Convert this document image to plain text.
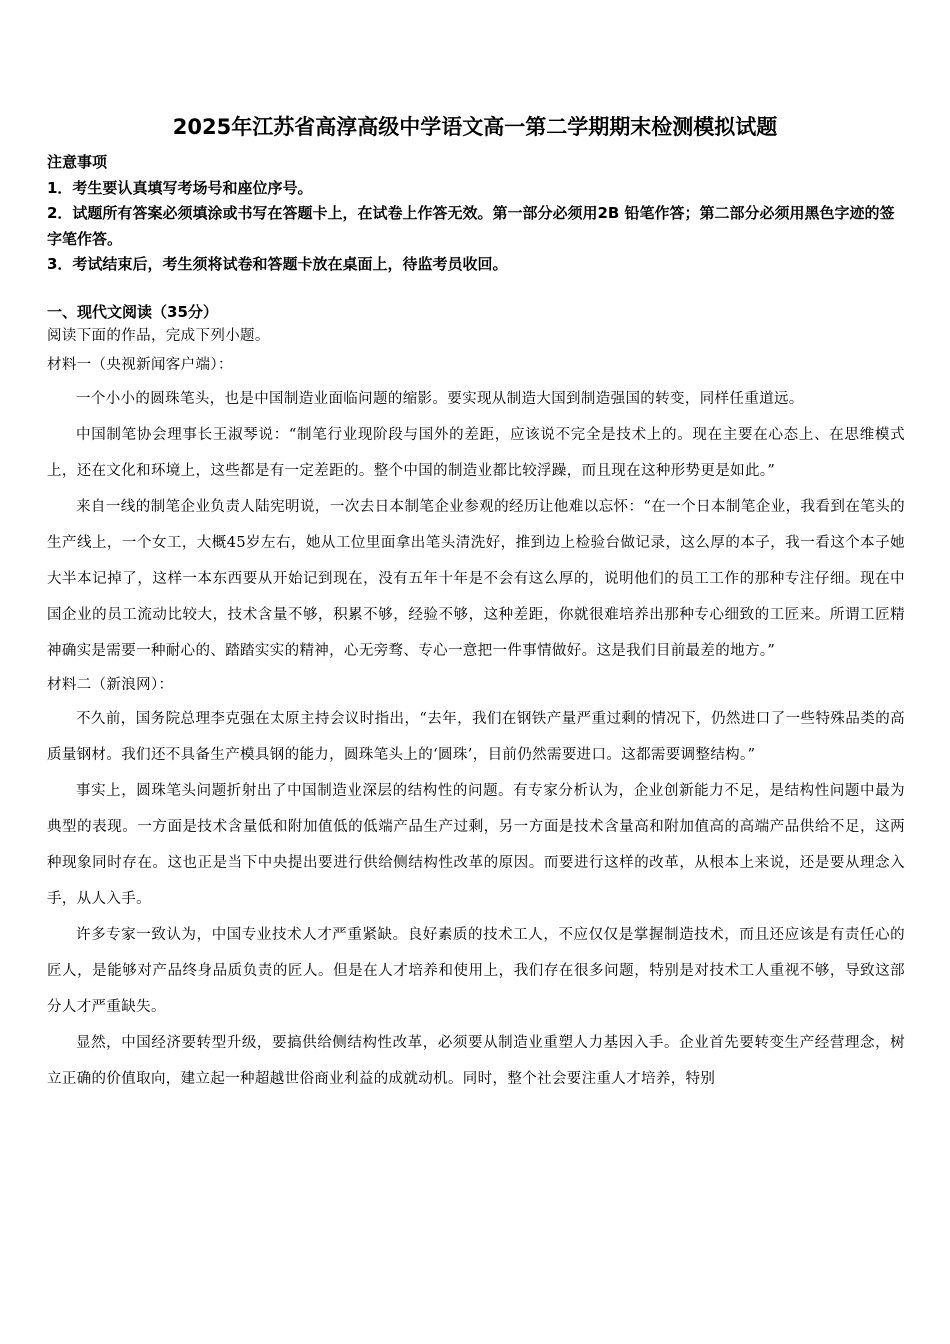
2025年江苏省高淳高级中学语文高一第二学期期末检测模拟试题

注意事项

1．考生要认真填写考场号和座位序号。

2．试题所有答案必须填涂或书写在答题卡上，在试卷上作答无效。第一部分必须用2B 铅笔作答；第二部分必须用黑色字迹的签字笔作答。

3．考试结束后，考生须将试卷和答题卡放在桌面上，待监考员收回。

一、现代文阅读（35分）

阅读下面的作品，完成下列小题。

材料一（央视新闻客户端）：

一个小小的圆珠笔头，也是中国制造业面临问题的缩影。要实现从制造大国到制造强国的转变，同样任重道远。

中国制笔协会理事长王淑琴说：“制笔行业现阶段与国外的差距，应该说不完全是技术上的。现在主要在心态上、在思维模式上，还在文化和环境上，这些都是有一定差距的。整个中国的制造业都比较浮躁，而且现在这种形势更是如此。”

来自一线的制笔企业负责人陆宪明说，一次去日本制笔企业参观的经历让他难以忘怀：“在一个日本制笔企业，我看到在笔头的生产线上，一个女工，大概45岁左右，她从工位里面拿出笔头清洗好，推到边上检验台做记录，这么厚的本子，我一看这个本子她大半本记掉了，这样一本东西要从开始记到现在，没有五年十年是不会有这么厚的，说明他们的员工工作的那种专注仔细。现在中国企业的员工流动比较大，技术含量不够，积累不够，经验不够，这种差距，你就很难培养出那种专心细致的工匠来。所谓工匠精神确实是需要一种耐心的、踏踏实实的精神，心无旁骛、专心一意把一件事情做好。这是我们目前最差的地方。”

材料二（新浪网）：

不久前，国务院总理李克强在太原主持会议时指出，“去年，我们在钢铁产量严重过剩的情况下，仍然进口了一些特殊品类的高质量钢材。我们还不具备生产模具钢的能力，圆珠笔头上的‘圆珠’，目前仍然需要进口。这都需要调整结构。”

事实上，圆珠笔头问题折射出了中国制造业深层的结构性的问题。有专家分析认为，企业创新能力不足，是结构性问题中最为典型的表现。一方面是技术含量低和附加值低的低端产品生产过剩，另一方面是技术含量高和附加值高的高端产品供给不足，这两种现象同时存在。这也正是当下中央提出要进行供给侧结构性改革的原因。而要进行这样的改革，从根本上来说，还是要从理念入手，从人入手。

许多专家一致认为，中国专业技术人才严重紧缺。良好素质的技术工人，不应仅仅是掌握制造技术，而且还应该是有责任心的匠人，是能够对产品终身品质负责的匠人。但是在人才培养和使用上，我们存在很多问题，特别是对技术工人重视不够，导致这部分人才严重缺失。

显然，中国经济要转型升级，要搞供给侧结构性改革，必须要从制造业重塑人力基因入手。企业首先要转变生产经营理念，树立正确的价值取向，建立起一种超越世俗商业利益的成就动机。同时，整个社会要注重人才培养，特别
